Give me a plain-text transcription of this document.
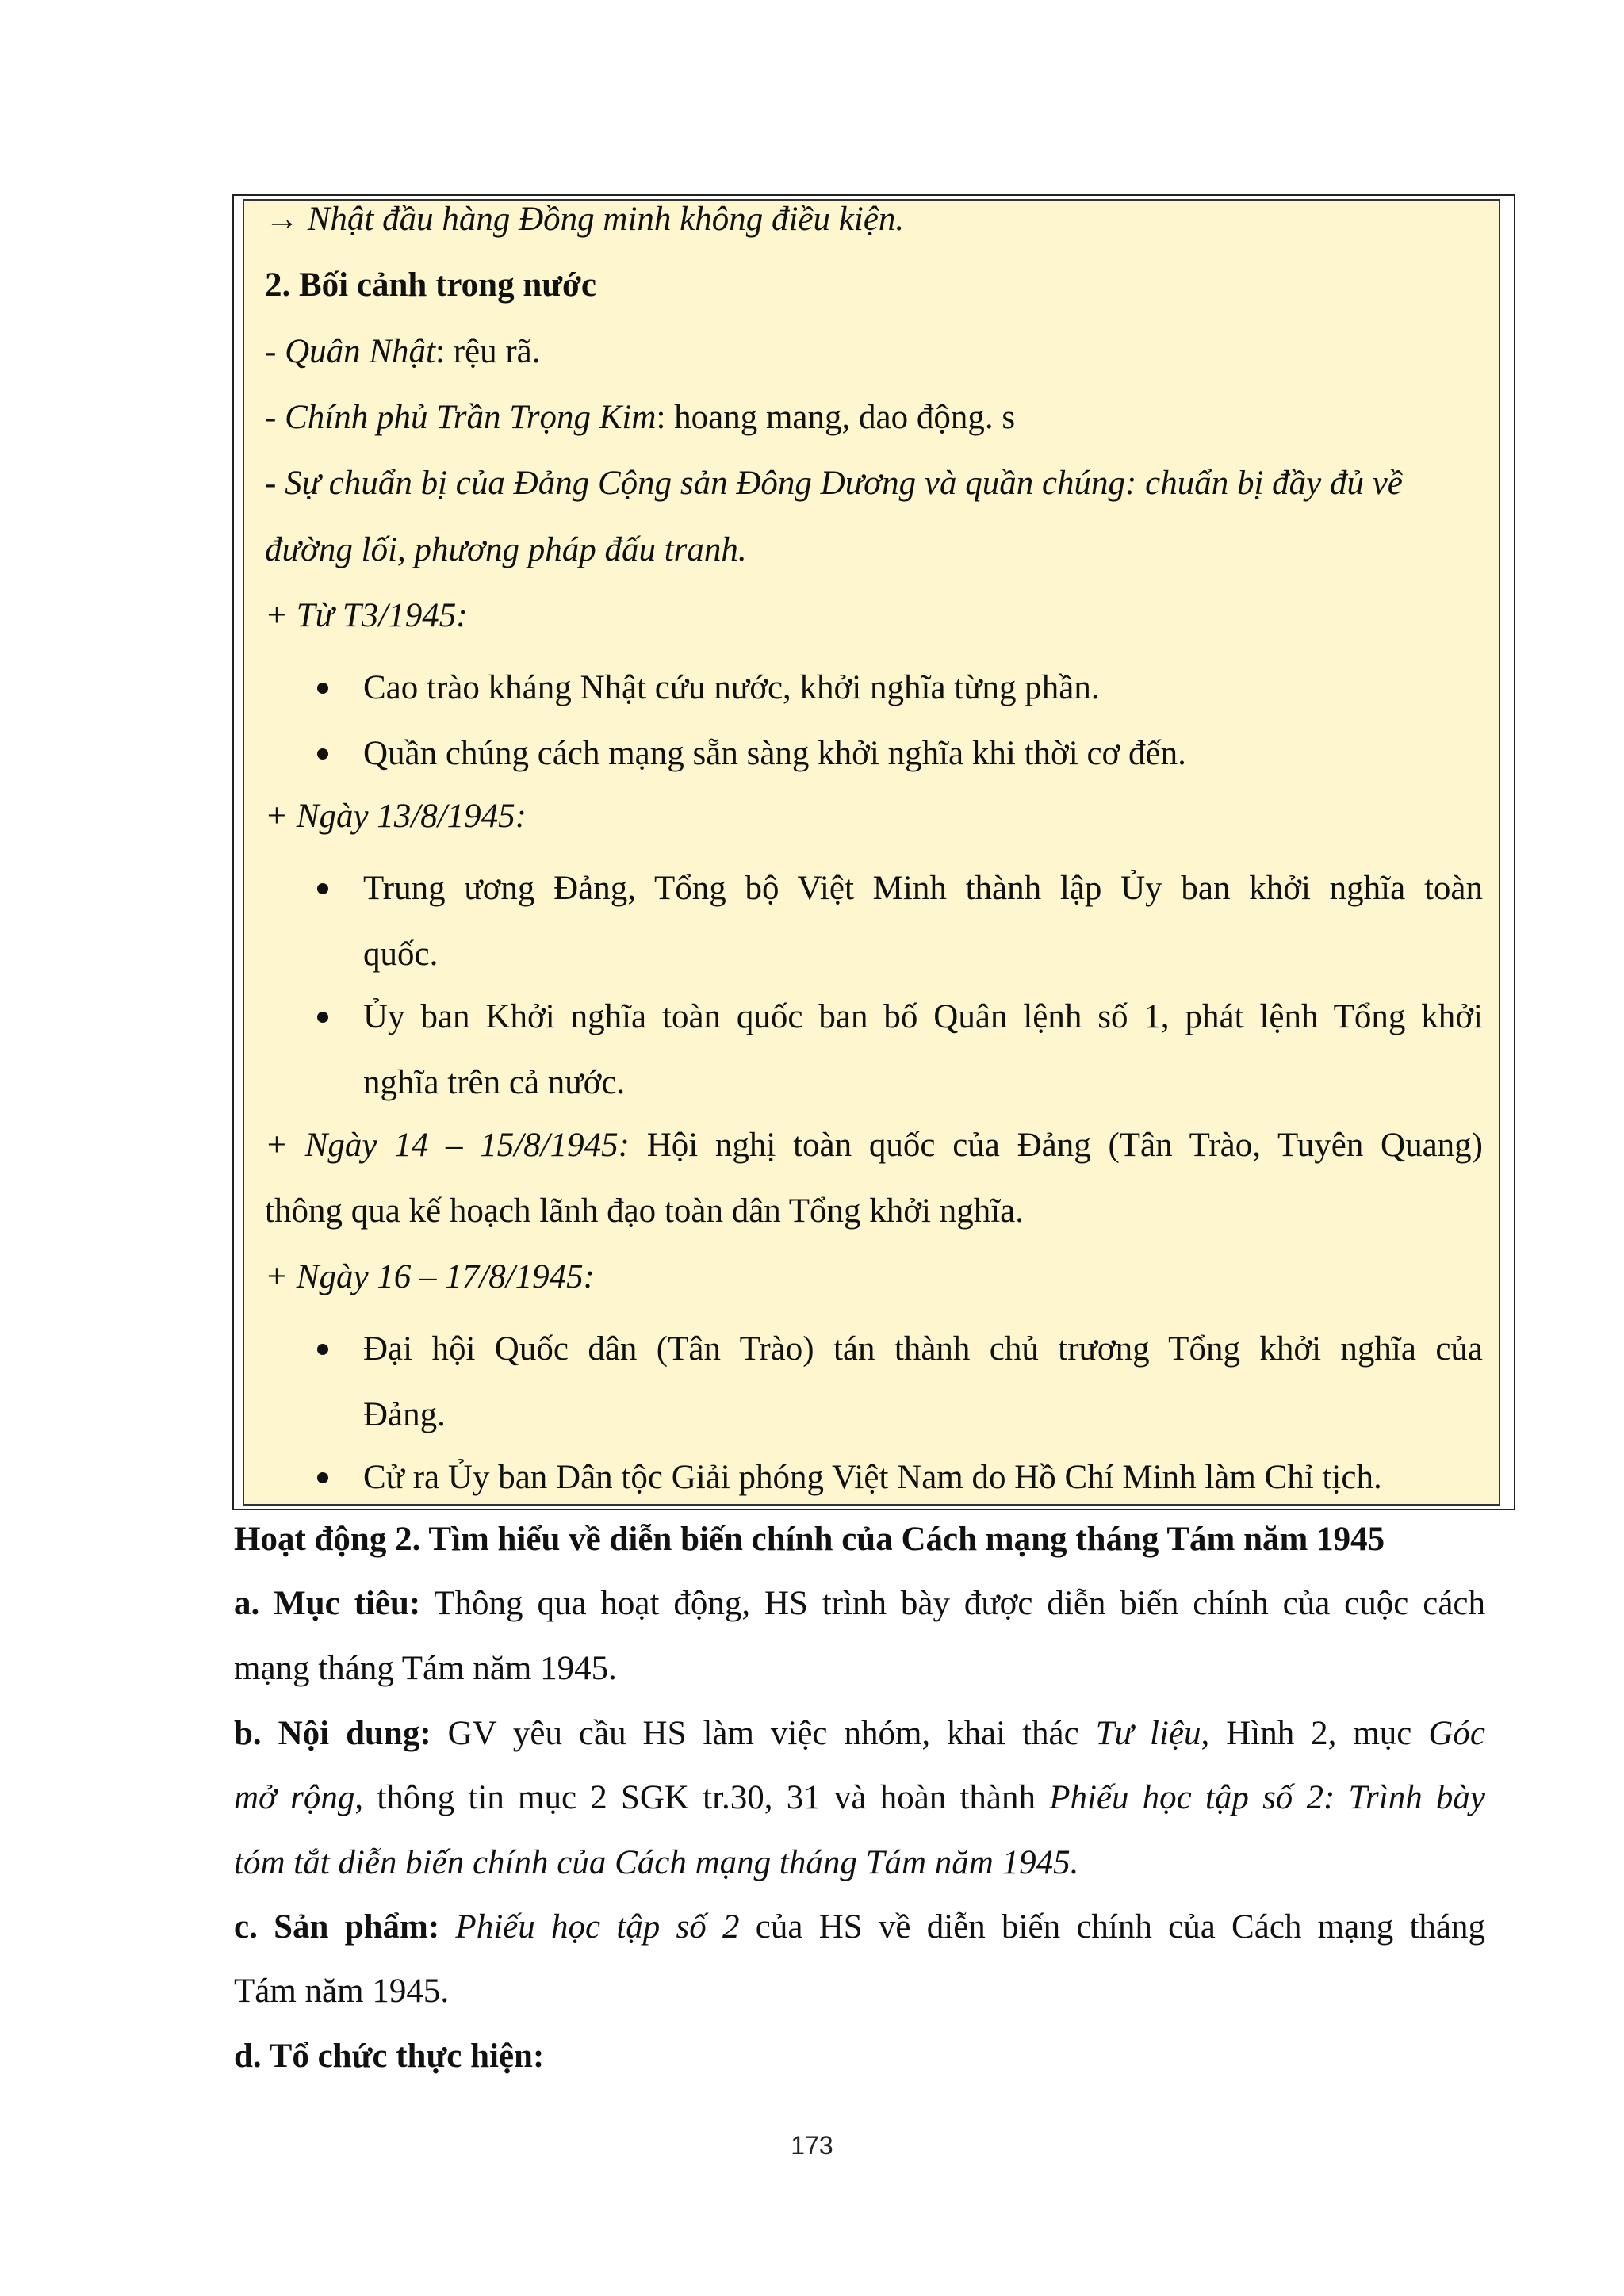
→ Nhật đầu hàng Đồng minh không điều kiện.
2. Bối cảnh trong nước
- Quân Nhật: rệu rã.
- Chính phủ Trần Trọng Kim: hoang mang, dao động. s
- Sự chuẩn bị của Đảng Cộng sản Đông Dương và quần chúng: chuẩn bị đầy đủ về
đường lối, phương pháp đấu tranh.
+ Từ T3/1945:
Cao trào kháng Nhật cứu nước, khởi nghĩa từng phần.
Quần chúng cách mạng sẵn sàng khởi nghĩa khi thời cơ đến.
+ Ngày 13/8/1945:
Trung ương Đảng, Tổng bộ Việt Minh thành lập Ủy ban khởi nghĩa toàn
quốc.
Ủy ban Khởi nghĩa toàn quốc ban bố Quân lệnh số 1, phát lệnh Tổng khởi
nghĩa trên cả nước.
+ Ngày 14 – 15/8/1945: Hội nghị toàn quốc của Đảng (Tân Trào, Tuyên Quang)
thông qua kế hoạch lãnh đạo toàn dân Tổng khởi nghĩa.
+ Ngày 16 – 17/8/1945:
Đại hội Quốc dân (Tân Trào) tán thành chủ trương Tổng khởi nghĩa của
Đảng.
Cử ra Ủy ban Dân tộc Giải phóng Việt Nam do Hồ Chí Minh làm Chỉ tịch.
Hoạt động 2. Tìm hiểu về diễn biến chính của Cách mạng tháng Tám năm 1945
a. Mục tiêu: Thông qua hoạt động, HS trình bày được diễn biến chính của cuộc cách
mạng tháng Tám năm 1945.
b. Nội dung: GV yêu cầu HS làm việc nhóm, khai thác Tư liệu, Hình 2, mục Góc
mở rộng, thông tin mục 2 SGK tr.30, 31 và hoàn thành Phiếu học tập số 2: Trình bày
tóm tắt diễn biến chính của Cách mạng tháng Tám năm 1945.
c. Sản phẩm: Phiếu học tập số 2 của HS về diễn biến chính của Cách mạng tháng
Tám năm 1945.
d. Tổ chức thực hiện:
173
